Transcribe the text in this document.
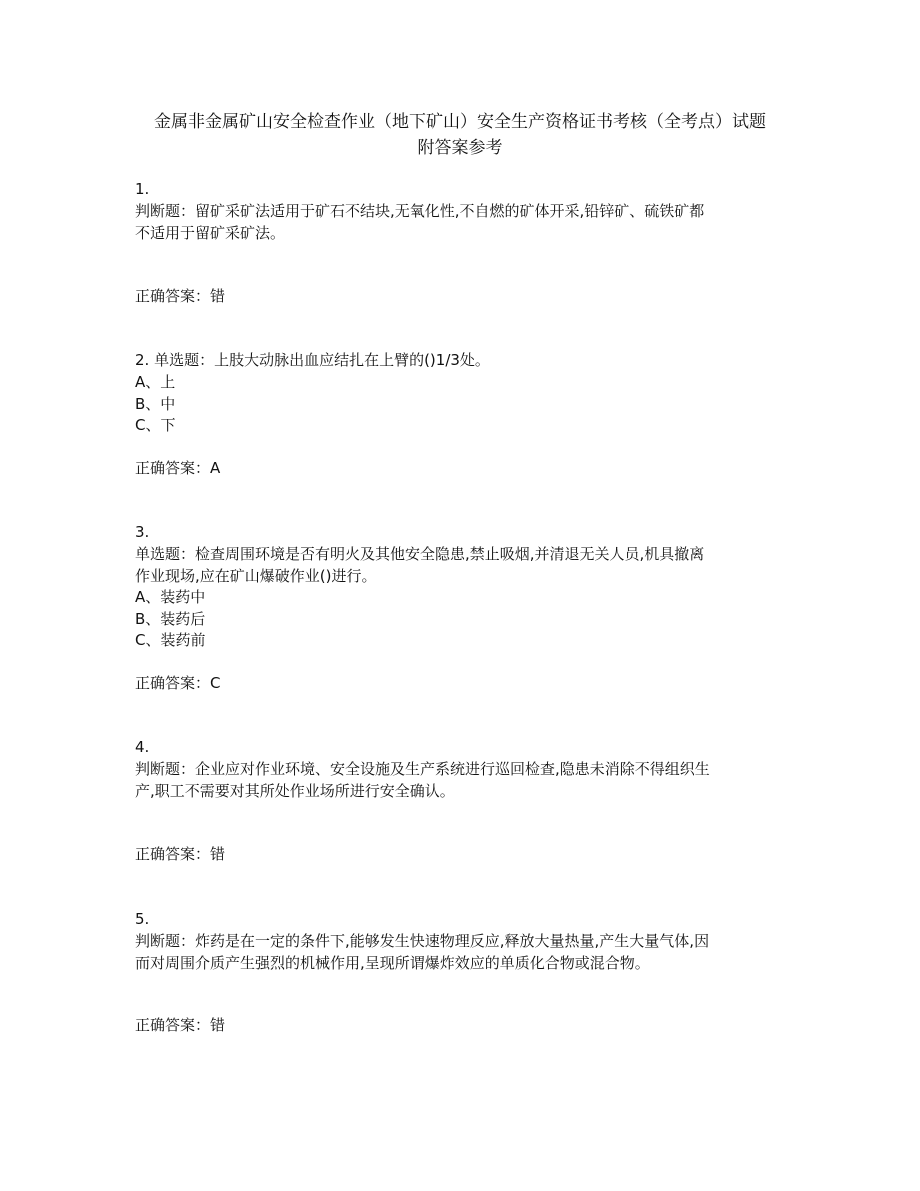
金属非金属矿山安全检查作业（地下矿山）安全生产资格证书考核（全考点）试题
附答案参考
1.
判断题：留矿采矿法适用于矿石不结块,无氧化性,不自燃的矿体开采,铅锌矿、硫铁矿都
不适用于留矿采矿法。
正确答案：错
2. 单选题：上肢大动脉出血应结扎在上臂的()1/3处。
A、上
B、中
C、下
正确答案：A
3.
单选题：检查周围环境是否有明火及其他安全隐患,禁止吸烟,并清退无关人员,机具撤离
作业现场,应在矿山爆破作业()进行。
A、装药中
B、装药后
C、装药前
正确答案：C
4.
判断题：企业应对作业环境、安全设施及生产系统进行巡回检查,隐患未消除不得组织生
产,职工不需要对其所处作业场所进行安全确认。
正确答案：错
5.
判断题：炸药是在一定的条件下,能够发生快速物理反应,释放大量热量,产生大量气体,因
而对周围介质产生强烈的机械作用,呈现所谓爆炸效应的单质化合物或混合物。
正确答案：错
